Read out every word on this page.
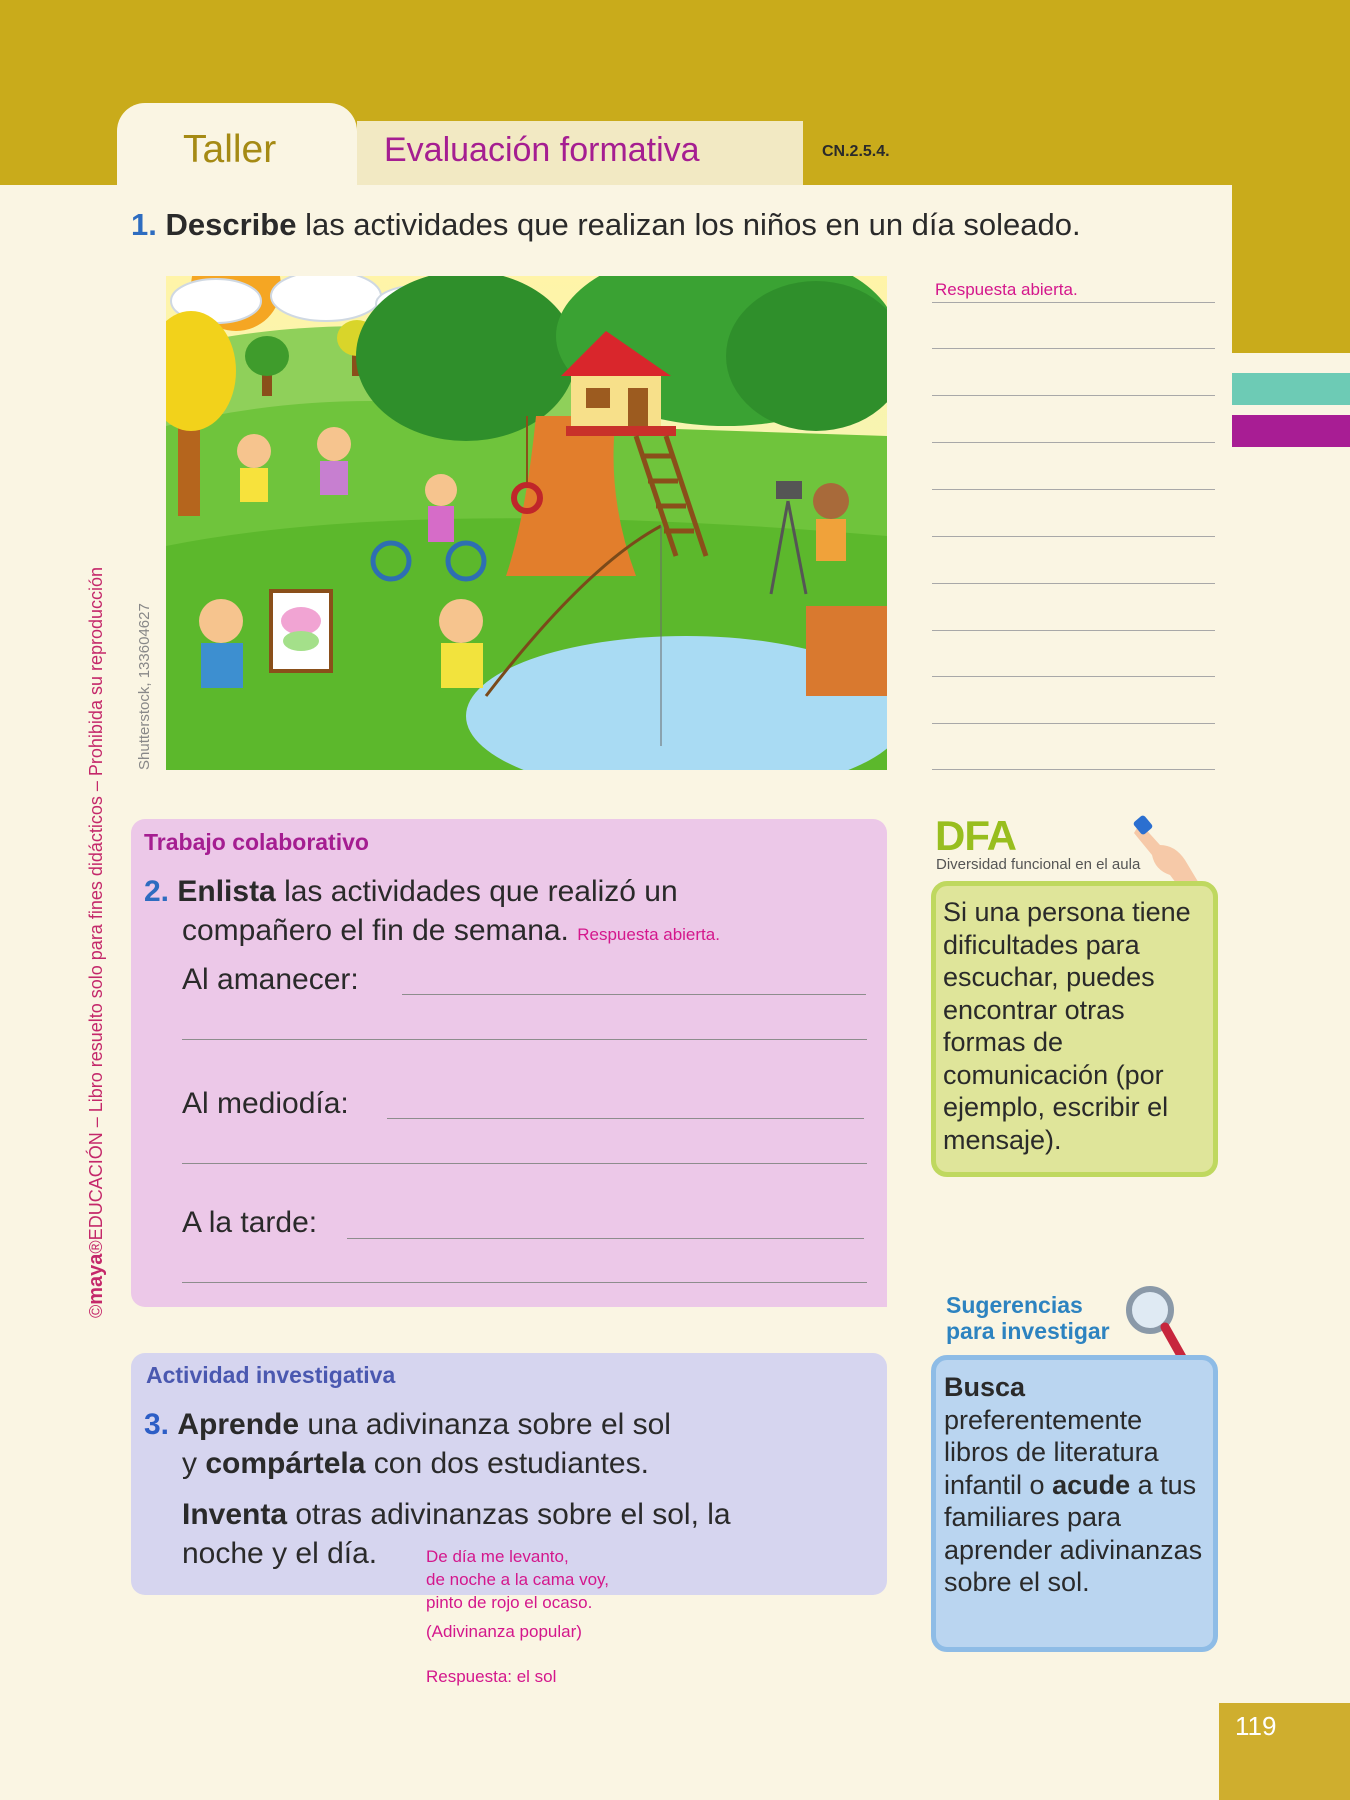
Taller	Evaluación formativa	CN.2.5.4.
1. Describe las actividades que realizan los niños en un día soleado.
Shutterstock, 133604627
©maya®EDUCACIÓN – Libro resuelto solo para fines didácticos – Prohibida su reproducción
Respuesta abierta.
Trabajo colaborativo
2. Enlista las actividades que realizó un
compañero el fin de semana. Respuesta abierta.
Al amanecer:
Al mediodía:
A la tarde:
Actividad investigativa
3. Aprende una adivinanza sobre el sol
y compártela con dos estudiantes.
Inventa otras adivinanzas sobre el sol, la
noche y el día.	De día me levanto,
de noche a la cama voy,
pinto de rojo el ocaso.
(Adivinanza popular)
Respuesta: el sol
DFA
Diversidad funcional en el aula
Si una persona tiene dificultades para escuchar, puedes encontrar otras formas de comunicación (por ejemplo, escribir el mensaje).
Sugerencias
para investigar
Busca preferentemente libros de literatura infantil o acude a tus familiares para aprender adivinanzas sobre el sol.
119
